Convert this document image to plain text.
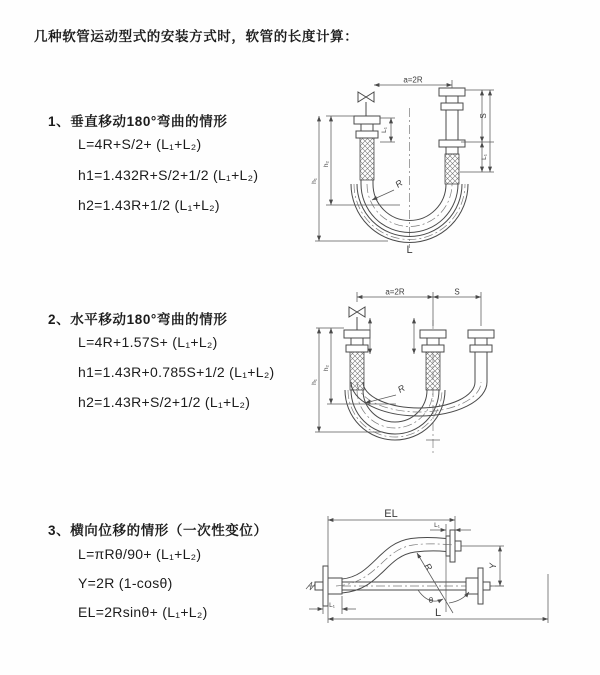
几种软管运动型式的安装方式时，软管的长度计算：
1、垂直移动180°弯曲的情形
L=4R+S/2+ (L₁+L₂)
h1=1.432R+S/2+1/2 (L₁+L₂)
h2=1.43R+1/2 (L₁+L₂)
2、水平移动180°弯曲的情形
L=4R+1.57S+ (L₁+L₂)
h1=1.43R+0.785S+1/2 (L₁+L₂)
h2=1.43R+S/2+1/2 (L₁+L₂)
3、横向位移的情形（一次性变位）
L=πRθ/90+ (L₁+L₂)
Y=2R (1-cosθ)
EL=2Rsinθ+ (L₁+L₂)
a=2R
L₁
h₂
h₁
S
L₁
R
L
a=2R	S
h₂
h₁
R
EL
L₁
Y
L
L₁
R
θ
